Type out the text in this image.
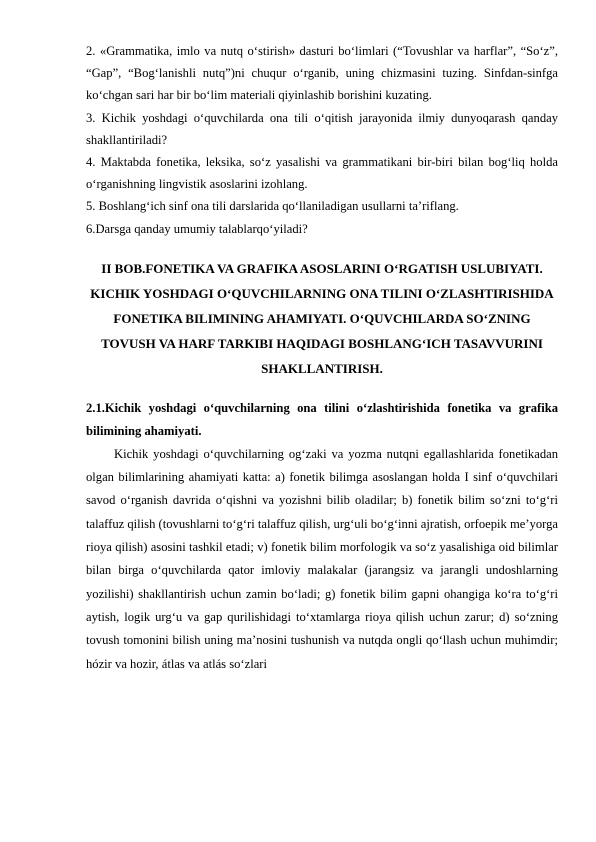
2. «Grammatika, imlo va nutq o‘stirish» dasturi bo‘limlari (“Tovushlar va harflar”, “So‘z”, “Gap”, “Bog‘lanishli nutq”)ni chuqur o‘rganib, uning chizmasini tuzing. Sinfdan-sinfga ko‘chgan sari har bir bo‘lim materiali qiyinlashib borishini kuzating.

3. Kichik yoshdagi o‘quvchilarda ona tili o‘qitish jarayonida ilmiy dunyoqarash qanday shakllantiriladi?

4. Maktabda fonetika, leksika, so‘z yasalishi va grammatikani bir-biri bilan bog‘liq holda o‘rganishning lingvistik asoslarini izohlang.

5. Boshlang‘ich sinf ona tili darslarida qo‘llaniladigan usullarni ta’riflang.

6.Darsga qanday umumiy talablarqo‘yiladi?

II BOB.FONETIKA VA GRAFIKA ASOSLARINI O‘RGATISH USLUBIYATI. KICHIK YOSHDAGI O‘QUVCHILARNING ONA TILINI O‘ZLASHTIRISHIDA FONETIKA BILIMINING AHAMIYATI. O‘QUVCHILARDA SO‘ZNING TOVUSH VA HARF TARKIBI HAQIDAGI BOSHLANG‘ICH TASAVVURINI SHAKLLANTIRISH.

2.1.Kichik yoshdagi o‘quvchilarning ona tilini o‘zlashtirishida fonetika va grafika bilimining ahamiyati.

Kichik yoshdagi o‘quvchilarning og‘zaki va yozma nutqni egallashlarida fonetikadan olgan bilimlarining ahamiyati katta: a) fonetik bilimga asoslangan holda I sinf o‘quvchilari savod o‘rganish davrida o‘qishni va yozishni bilib oladilar; b) fonetik bilim so‘zni to‘g‘ri talaffuz qilish (tovushlarni to‘g‘ri talaffuz qilish, urg‘uli bo‘g‘inni ajratish, orfoepik me’yorga rioya qilish) asosini tashkil etadi; v) fonetik bilim morfologik va so‘z yasalishiga oid bilimlar bilan birga o‘quvchilarda qator imloviy malakalar (jarangsiz va jarangli undoshlarning yozilishi) shakllantirish uchun zamin bo‘ladi; g) fonetik bilim gapni ohangiga ko‘ra to‘g‘ri aytish, logik urg‘u va gap qurilishidagi to‘xtamlarga rioya qilish uchun zarur; d) so‘zning tovush tomonini bilish uning ma’nosini tushunish va nutqda ongli qo‘llash uchun muhimdir; hózir va hozir, átlas va atlás so‘zlari
